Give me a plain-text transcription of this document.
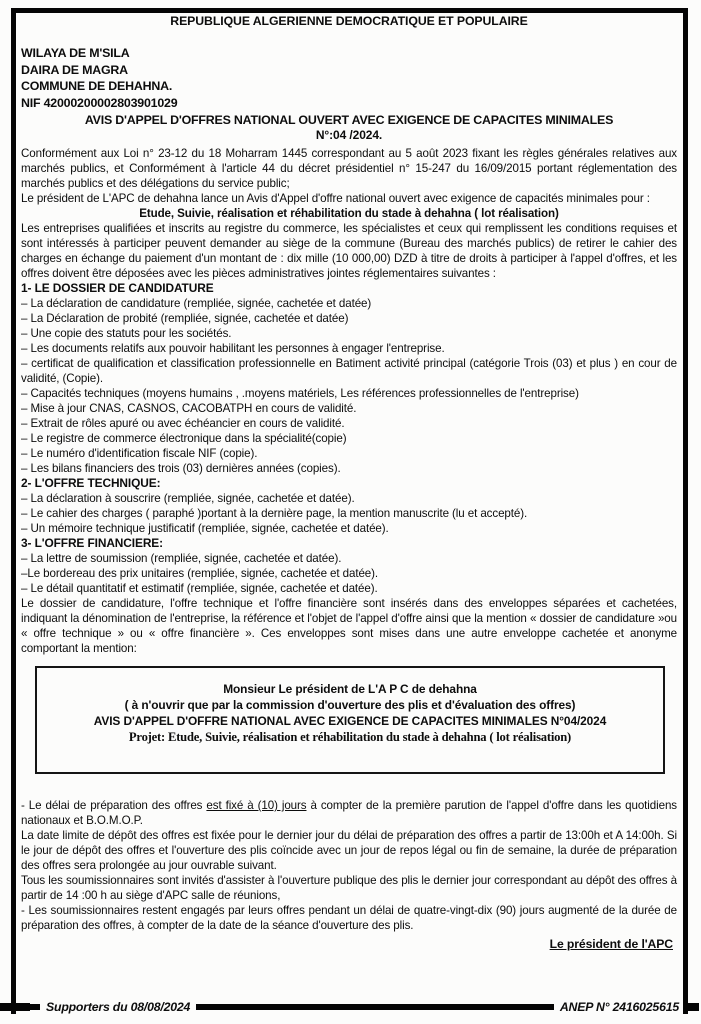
REPUBLIQUE ALGERIENNE DEMOCRATIQUE ET POPULAIRE
WILAYA DE M'SILA
DAIRA DE MAGRA
COMMUNE DE DEHAHNA.
NIF 42000200002803901029
AVIS D'APPEL D'OFFRES NATIONAL OUVERT AVEC EXIGENCE DE CAPACITES MINIMALES
N°:04 /2024.
Conformément aux Loi n° 23-12 du 18 Moharram 1445 correspondant au 5 août 2023 fixant les règles générales relatives aux marchés publics, et Conformément à l'article 44 du décret présidentiel n° 15-247 du 16/09/2015 portant réglementation des marchés publics et des délégations du service public;
Le président de L'APC de dehahna lance un Avis d'Appel d'offre national ouvert avec exigence de capacités minimales pour :
Etude, Suivie, réalisation et réhabilitation du stade à dehahna ( lot réalisation)
Les entreprises qualifiées et inscrits au registre du commerce, les spécialistes et ceux qui remplissent les conditions requises et sont intéressés à participer peuvent demander au siège de la commune (Bureau des marchés publics) de retirer le cahier des charges en échange du paiement d'un montant de : dix mille (10 000,00) DZD à titre de droits à participer à l'appel d'offres, et les offres doivent être déposées avec les pièces administratives jointes réglementaires suivantes :
1- LE DOSSIER DE CANDIDATURE
– La déclaration de candidature (rempliée, signée, cachetée et datée)
– La Déclaration de probité (rempliée, signée, cachetée et datée)
– Une copie des statuts pour les sociétés.
– Les documents relatifs aux pouvoir habilitant les personnes à engager l'entreprise.
– certificat de qualification et classification professionnelle en Batiment activité principal (catégorie Trois (03) et plus ) en cour de validité, (Copie).
– Capacités techniques (moyens humains , .moyens matériels, Les références professionnelles de l'entreprise)
– Mise à jour CNAS, CASNOS, CACOBATPH en cours de validité.
– Extrait de rôles apuré ou avec échéancier en cours de validité.
– Le registre de commerce électronique dans la spécialité(copie)
– Le numéro d'identification fiscale NIF (copie).
– Les bilans financiers des trois (03) dernières années (copies).
2- L'OFFRE TECHNIQUE:
– La déclaration à souscrire (rempliée, signée, cachetée et datée).
– Le cahier des charges ( paraphé )portant à la dernière page, la mention manuscrite (lu et accepté).
– Un mémoire technique justificatif (rempliée, signée, cachetée et datée).
3- L'OFFRE FINANCIERE:
– La lettre de soumission (rempliée, signée, cachetée et datée).
–Le bordereau des prix unitaires (rempliée, signée, cachetée et datée).
– Le détail quantitatif et estimatif (rempliée, signée, cachetée et datée).
Le dossier de candidature, l'offre technique et l'offre financière sont insérés dans des enveloppes séparées et cachetées, indiquant la dénomination de l'entreprise, la référence et l'objet de l'appel d'offre ainsi que la mention « dossier de candidature »ou « offre technique » ou « offre financière ». Ces enveloppes sont mises dans une autre enveloppe cachetée et anonyme comportant la mention:
Monsieur Le président de L'A P C de dehahna
( à n'ouvrir que par la commission d'ouverture des plis et d'évaluation des offres)
AVIS D'APPEL D'OFFRE NATIONAL AVEC EXIGENCE DE CAPACITES MINIMALES N°04/2024
Projet: Etude, Suivie, réalisation et réhabilitation du stade à dehahna ( lot réalisation)
- Le délai de préparation des offres est fixé à (10) jours à compter de la première parution de l'appel d'offre dans les quotidiens nationaux et B.O.M.O.P.
La date limite de dépôt des offres est fixée pour le dernier jour du délai de préparation des offres a partir de 13:00h et A 14:00h. Si le jour de dépôt des offres et l'ouverture des plis coïncide avec un jour de repos légal ou fin de semaine, la durée de préparation des offres sera prolongée au jour ouvrable suivant.
Tous les soumissionnaires sont invités d'assister à l'ouverture publique des plis le dernier jour correspondant au dépôt des offres à partir de 14 :00 h au siège d'APC salle de réunions,
- Les soumissionnaires restent engagés par leurs offres pendant un délai de quatre-vingt-dix (90) jours augmenté de la durée de préparation des offres, à compter de la date de la séance d'ouverture des plis.
Le président de l'APC
Supporters du 08/08/2024	ANEP N° 2416025615
